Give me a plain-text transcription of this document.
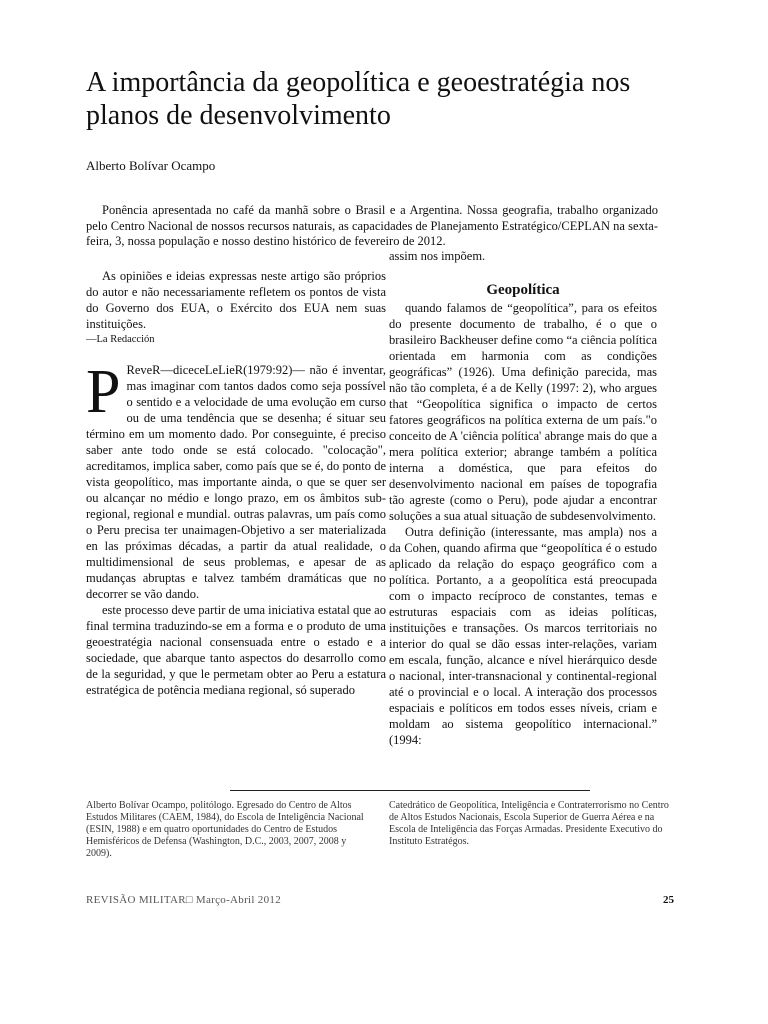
A importância da geopolítica e geoestratégia nos planos de desenvolvimento

Alberto Bolívar Ocampo

Ponência apresentada no café da manhã sobre o Brasil e a Argentina. Nossa geografia, trabalho organizado pelo Centro Nacional de nossos recursos naturais, as capacidades de Planejamento Estratégico/CEPLAN na sexta-feira, 3, nossa população e nosso destino histórico de fevereiro de 2012.

As opiniões e ideias expressas neste artigo são próprios do autor e não necessariamente refletem os pontos de vista do Governo dos EUA, o Exército dos EUA nem suas instituições.

—La Redacción

P ReveR—diceceLeLieR(1979:92)— não é inventar, mas imaginar com tantos dados como seja possível o sentido e a velocidade de uma evolução em curso ou de uma tendência que se desenha; é situar seu término em um momento dado. Por conseguinte, é preciso saber ante todo onde se está colocado. "colocação", acreditamos, implica saber, como país que se é, do ponto de vista geopolítico, mas importante ainda, o que se quer ser ou alcançar no médio e longo prazo, em os âmbitos sub-regional, regional e mundial. outras palavras, um país como o Peru precisa ter unaimagen-Objetivo a ser materializada en las próximas décadas, a partir da atual realidade, o multidimensional de seus problemas, e apesar de as mudanças abruptas e talvez também dramáticas que no decorrer se vão dando.

este processo deve partir de uma iniciativa estatal que ao final termina traduzindo-se em a forma e o produto de uma geoestratégia nacional consensuada entre o estado e a sociedade, que abarque tanto aspectos do desarrollo como de la seguridad, y que le permetam obter ao Peru a estatura estratégica de potência mediana regional, só superado

assim nos impõem.

Geopolítica

quando falamos de “geopolítica”, para os efeitos do presente documento de trabalho, é o que o brasileiro Backheuser define como “a ciência política orientada em harmonia com as condições geográficas” (1926). Uma definição parecida, mas não tão completa, é a de Kelly (1997: 2), who argues that “Geopolítica significa o impacto de certos fatores geográficos na política externa de um país."o conceito de A 'ciência política' abrange mais do que a mera política exterior; abrange também a política interna a doméstica, que para efeitos do desenvolvimento nacional em países de topografia tão agreste (como o Peru), pode ajudar a encontrar soluções a sua atual situação de subdesenvolvimento.

Outra definição (interessante, mas ampla) nos a da Cohen, quando afirma que “geopolítica é o estudo aplicado da relação do espaço geográfico com a política. Portanto, a a geopolítica está preocupada com o impacto recíproco de constantes, temas e estruturas espaciais com as ideias políticas, instituições e transações. Os marcos territoriais no interior do qual se dão essas inter-relações, variam em escala, função, alcance e nível hierárquico desde o nacional, inter-transnacional y continental-regional até o provincial e o local. A interação dos processos espaciais e políticos em todos esses níveis, criam e moldam ao sistema geopolítico internacional.” (1994:

Alberto Bolívar Ocampo, politólogo. Egresado do Centro de Altos Estudos Militares (CAEM, 1984), do Escola de Inteligência Nacional (ESIN, 1988) e em quatro oportunidades do Centro de Estudos Hemisféricos de Defensa (Washington, D.C., 2003, 2007, 2008 y 2009).
Catedrático de Geopolítica, Inteligência e Contraterrorismo no Centro de Altos Estudos Nacionais, Escola Superior de Guerra Aérea e na Escola de Inteligência das Forças Armadas. Presidente Executivo do Instituto Estratégos.
REVISÃO MILITAR□ Março-Abril 2012	25
